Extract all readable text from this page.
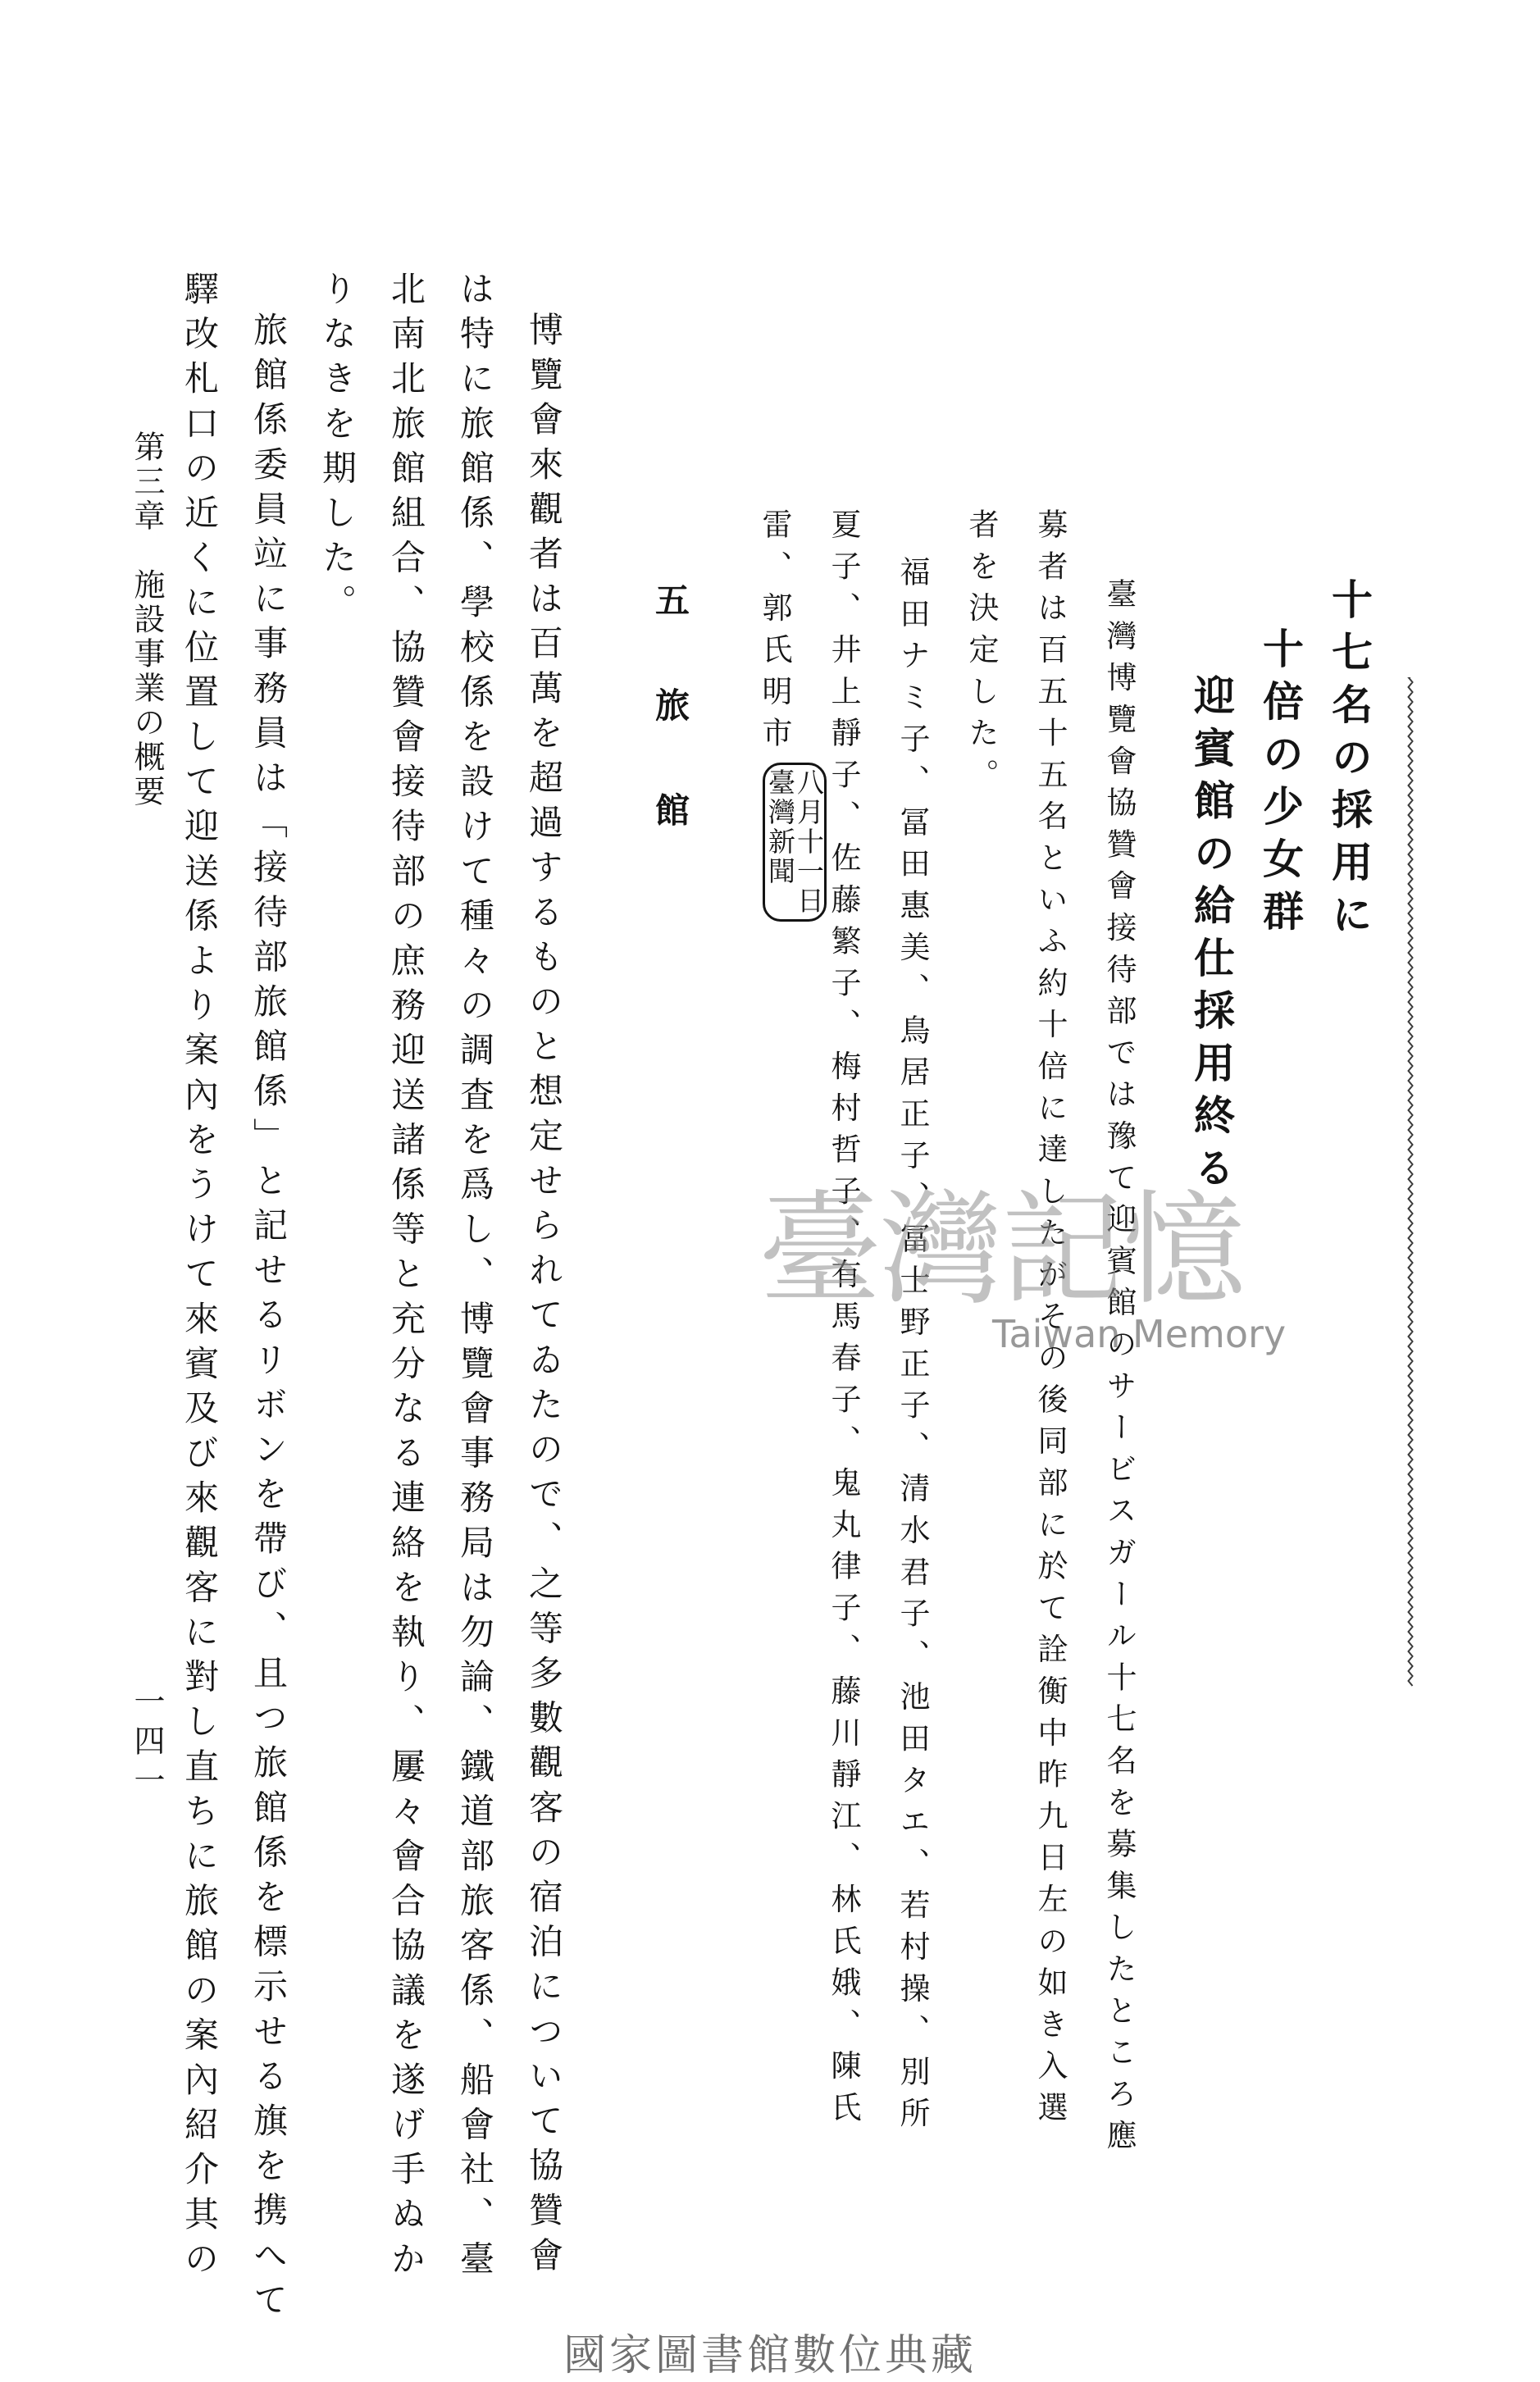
十七名の採用に
十倍の少女群
迎賓館の給仕採用終る
臺灣博覽會協贊會接待部では豫て迎賓館のサービスガール十七名を募集したところ應
募者は百五十五名といふ約十倍に達したがその後同部に於て詮衡中昨九日左の如き入選
者を決定した。
福田ナミ子、冨田惠美、鳥居正子、冨士野正子、清水君子、池田タエ、若村操、別所
夏子、井上靜子、佐藤繁子、梅村哲子、有馬春子、鬼丸律子、藤川靜江、林氏娥、陳氏
雷、郭氏明市
八月十一日
臺灣新聞
五　旅　館
博覽會來觀者は百萬を超過するものと想定せられてゐたので、之等多數觀客の宿泊について協贊會
は特に旅館係、學校係を設けて種々の調査を爲し、博覽會事務局は勿論、鐵道部旅客係、船會社、臺
北南北旅館組合、協贊會接待部の庶務迎送諸係等と充分なる連絡を執り、屢々會合協議を遂げ手ぬか
りなきを期した。
旅館係委員竝に事務員は「接待部旅館係」と記せるリボンを帶び、且つ旅館係を標示せる旗を携へて
驛改札口の近くに位置して迎送係より案內をうけて來賓及び來觀客に對し直ちに旅館の案內紹介其の
第三章　施設事業の概要
一四一
臺灣記憶
Taiwan Memory
國家圖書館數位典藏
